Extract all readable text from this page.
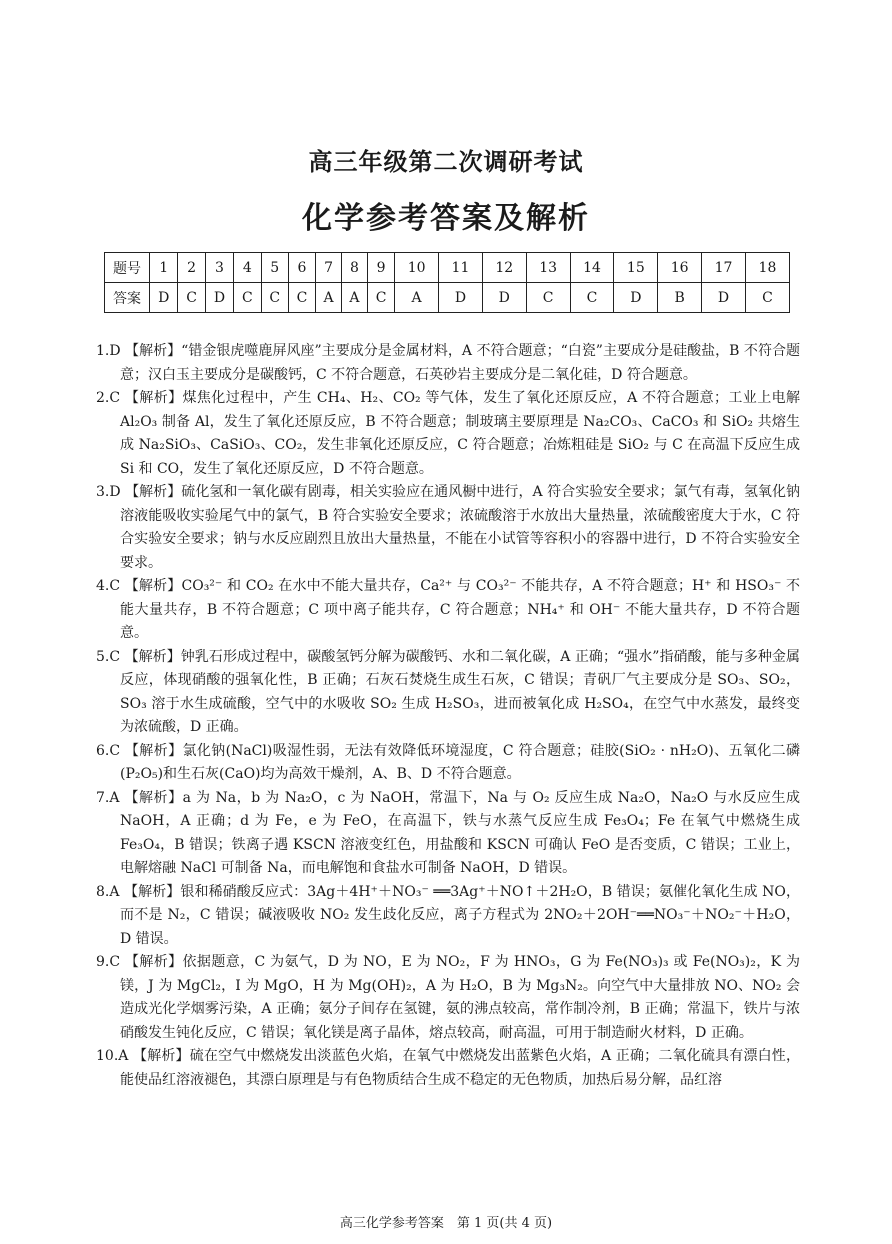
高三年级第二次调研考试
化学参考答案及解析
题号	1	2	3	4	5	6	7	8	9	10	11	12	13	14	15	16	17	18
答案	D	C	D	C	C	C	A	A	C	A	D	D	C	C	D	B	D	C

1.D 【解析】“错金银虎噬鹿屏风座”主要成分是金属材料，A 不符合题意；“白瓷”主要成分是硅酸盐，B 不符合题意；汉白玉主要成分是碳酸钙，C 不符合题意，石英砂岩主要成分是二氧化硅，D 符合题意。

2.C 【解析】煤焦化过程中，产生 CH₄、H₂、CO₂ 等气体，发生了氧化还原反应，A 不符合题意；工业上电解 Al₂O₃ 制备 Al，发生了氧化还原反应，B 不符合题意；制玻璃主要原理是 Na₂CO₃、CaCO₃ 和 SiO₂ 共熔生成 Na₂SiO₃、CaSiO₃、CO₂，发生非氧化还原反应，C 符合题意；冶炼粗硅是 SiO₂ 与 C 在高温下反应生成 Si 和 CO，发生了氧化还原反应，D 不符合题意。

3.D 【解析】硫化氢和一氧化碳有剧毒，相关实验应在通风橱中进行，A 符合实验安全要求；氯气有毒，氢氧化钠溶液能吸收实验尾气中的氯气，B 符合实验安全要求；浓硫酸溶于水放出大量热量，浓硫酸密度大于水，C 符合实验安全要求；钠与水反应剧烈且放出大量热量，不能在小试管等容积小的容器中进行，D 不符合实验安全要求。

4.C 【解析】CO₃²⁻ 和 CO₂ 在水中不能大量共存，Ca²⁺ 与 CO₃²⁻ 不能共存，A 不符合题意；H⁺ 和 HSO₃⁻ 不能大量共存，B 不符合题意；C 项中离子能共存，C 符合题意；NH₄⁺ 和 OH⁻ 不能大量共存，D 不符合题意。

5.C 【解析】钟乳石形成过程中，碳酸氢钙分解为碳酸钙、水和二氧化碳，A 正确；“强水”指硝酸，能与多种金属反应，体现硝酸的强氧化性，B 正确；石灰石焚烧生成生石灰，C 错误；青矾厂气主要成分是 SO₃、SO₂，SO₃ 溶于水生成硫酸，空气中的水吸收 SO₂ 生成 H₂SO₃，进而被氧化成 H₂SO₄，在空气中水蒸发，最终变为浓硫酸，D 正确。

6.C 【解析】氯化钠(NaCl)吸湿性弱，无法有效降低环境湿度，C 符合题意；硅胶(SiO₂ · nH₂O)、五氧化二磷(P₂O₅)和生石灰(CaO)均为高效干燥剂，A、B、D 不符合题意。

7.A 【解析】a 为 Na，b 为 Na₂O，c 为 NaOH，常温下，Na 与 O₂ 反应生成 Na₂O，Na₂O 与水反应生成 NaOH，A 正确；d 为 Fe，e 为 FeO，在高温下，铁与水蒸气反应生成 Fe₃O₄；Fe 在氧气中燃烧生成 Fe₃O₄，B 错误；铁离子遇 KSCN 溶液变红色，用盐酸和 KSCN 可确认 FeO 是否变质，C 错误；工业上，电解熔融 NaCl 可制备 Na，而电解饱和食盐水可制备 NaOH，D 错误。

8.A 【解析】银和稀硝酸反应式：3Ag＋4H⁺＋NO₃⁻ ══3Ag⁺＋NO↑＋2H₂O，B 错误；氨催化氧化生成 NO，而不是 N₂，C 错误；碱液吸收 NO₂ 发生歧化反应，离子方程式为 2NO₂＋2OH⁻══NO₃⁻＋NO₂⁻＋H₂O，D 错误。

9.C 【解析】依据题意，C 为氨气，D 为 NO，E 为 NO₂，F 为 HNO₃，G 为 Fe(NO₃)₃ 或 Fe(NO₃)₂，K 为镁，J 为 MgCl₂，I 为 MgO，H 为 Mg(OH)₂，A 为 H₂O，B 为 Mg₃N₂。向空气中大量排放 NO、NO₂ 会造成光化学烟雾污染，A 正确；氨分子间存在氢键，氨的沸点较高，常作制冷剂，B 正确；常温下，铁片与浓硝酸发生钝化反应，C 错误；氧化镁是离子晶体，熔点较高，耐高温，可用于制造耐火材料，D 正确。

10.A 【解析】硫在空气中燃烧发出淡蓝色火焰，在氧气中燃烧发出蓝紫色火焰，A 正确；二氧化硫具有漂白性，能使品红溶液褪色，其漂白原理是与有色物质结合生成不稳定的无色物质，加热后易分解，品红溶

高三化学参考答案　第 1 页(共 4 页)
